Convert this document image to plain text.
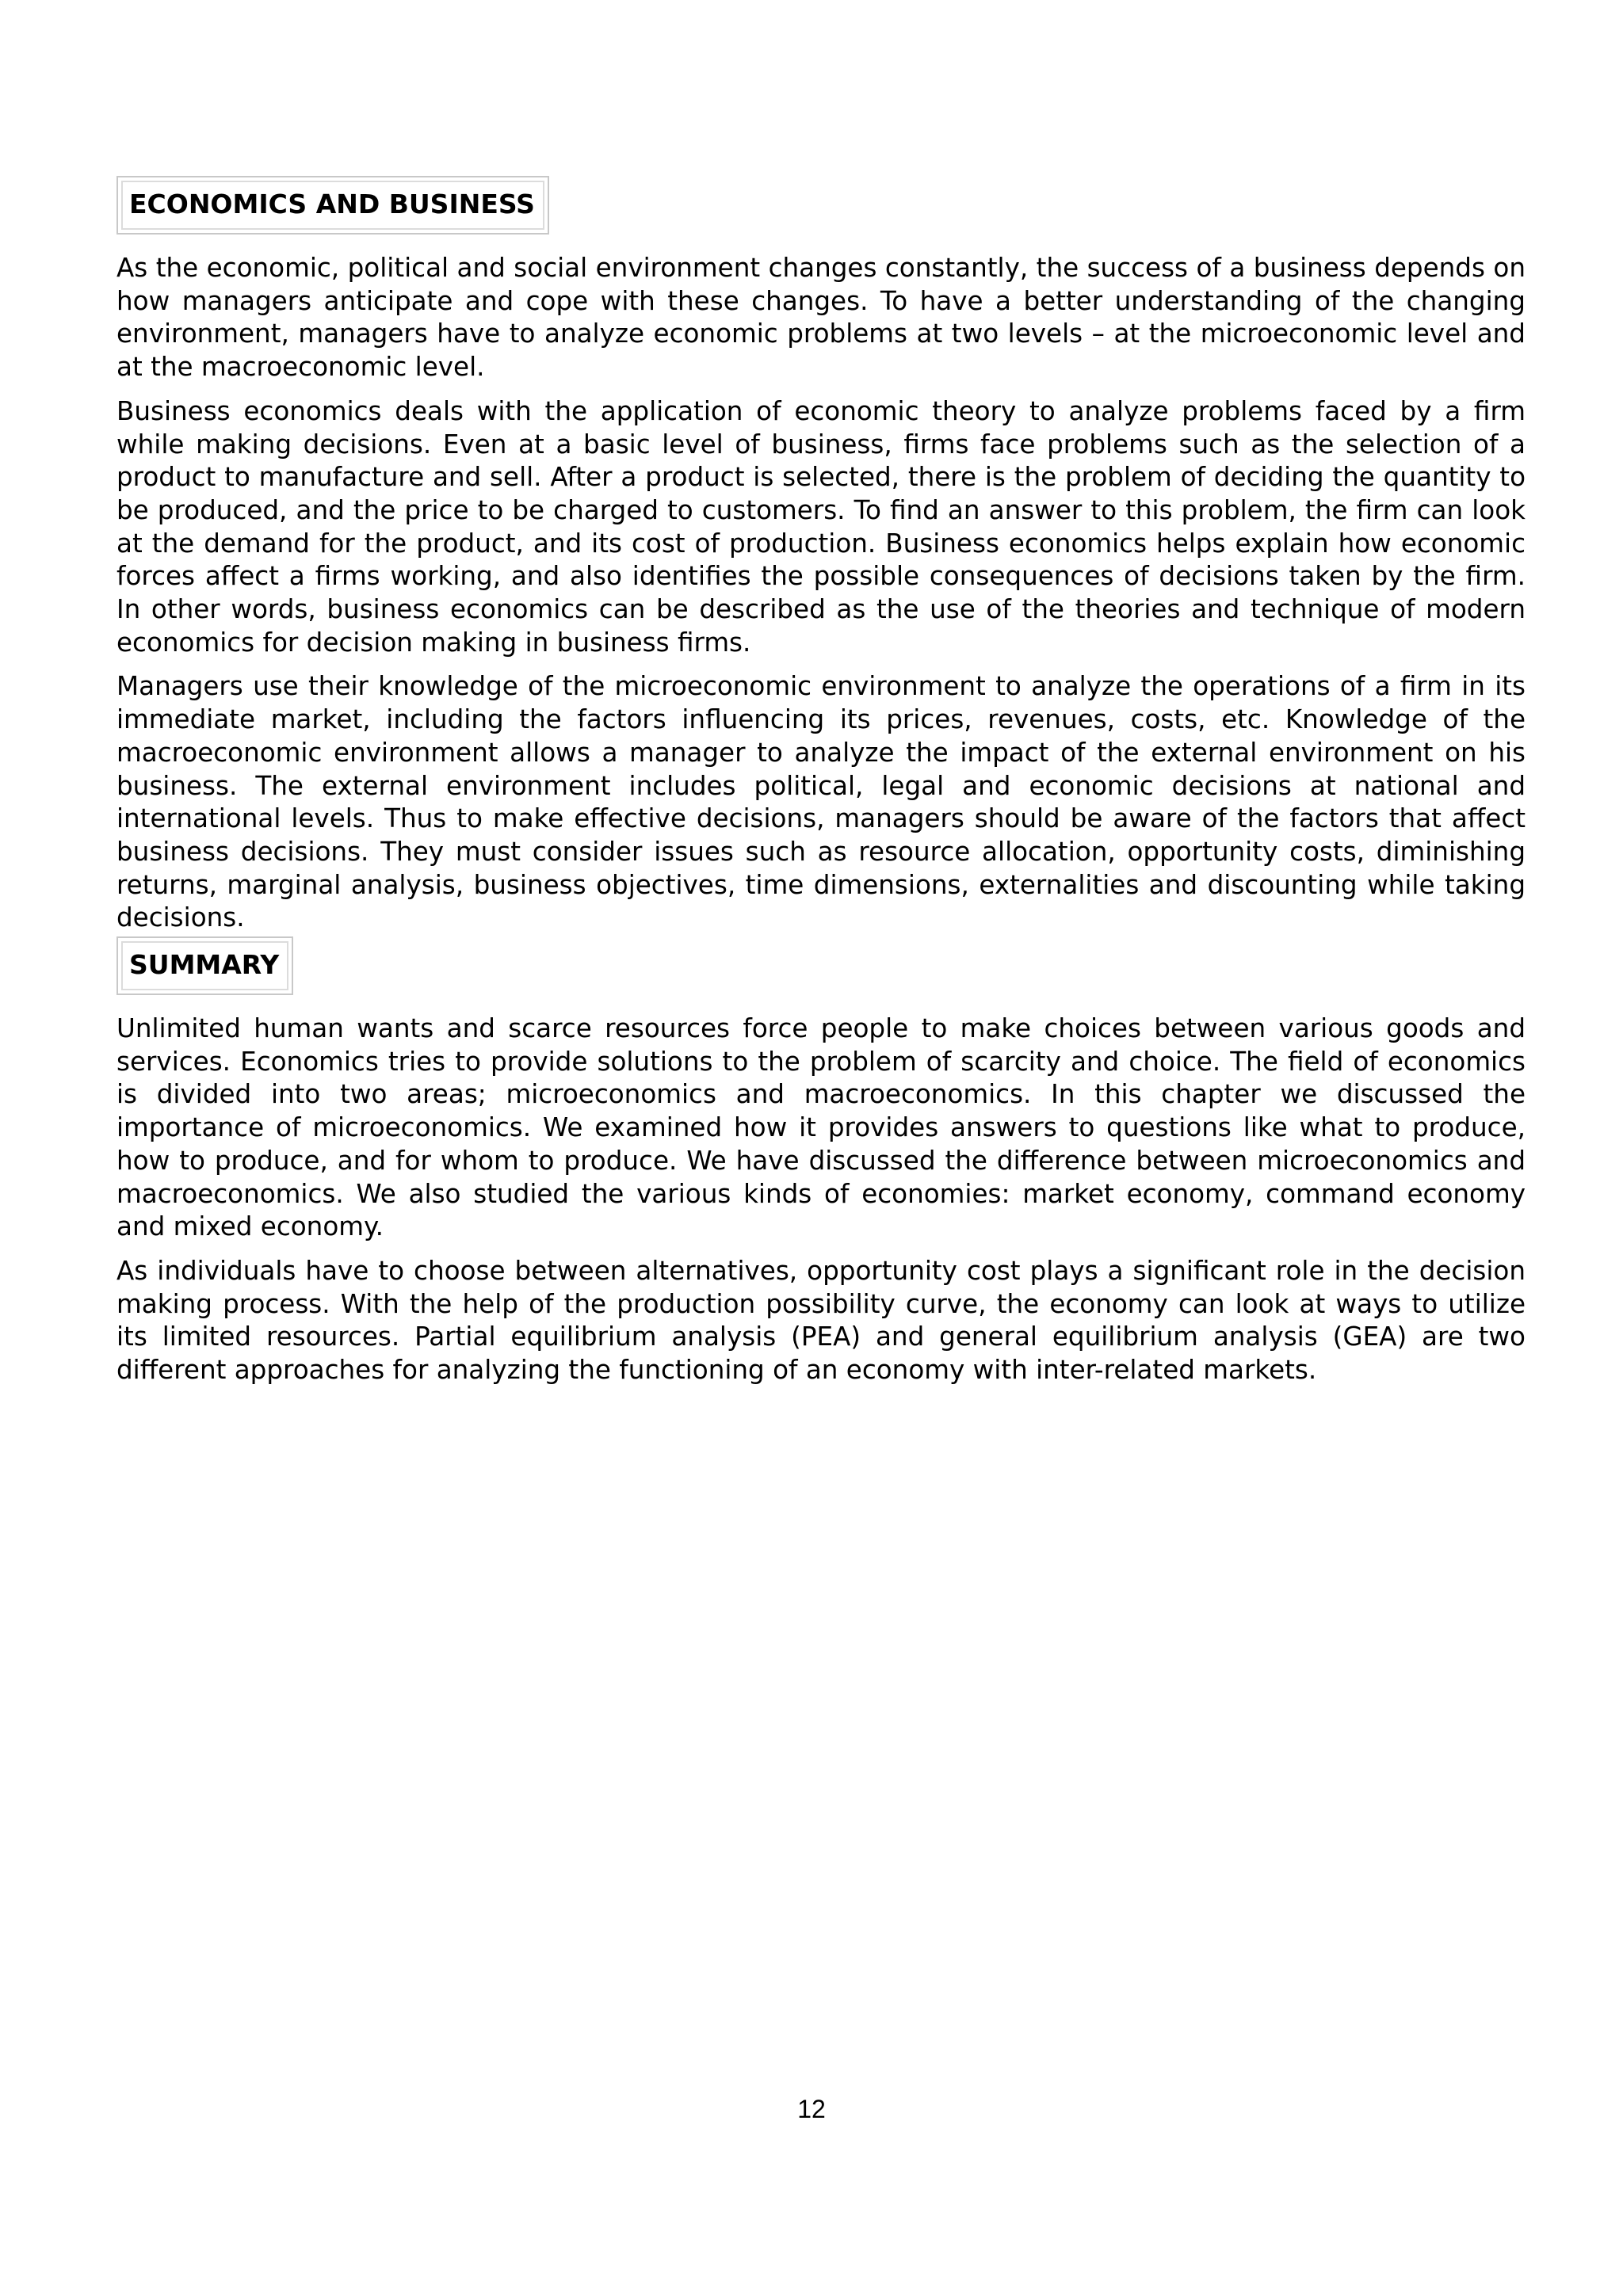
ECONOMICS AND BUSINESS

As the economic, political and social environment changes constantly, the success of a business depends on how managers anticipate and cope with these changes. To have a better understanding of the changing environment, managers have to analyze economic problems at two levels – at the microeconomic level and at the macroeconomic level.

Business economics deals with the application of economic theory to analyze problems faced by a firm while making decisions. Even at a basic level of business, firms face problems such as the selection of a product to manufacture and sell. After a product is selected, there is the problem of deciding the quantity to be produced, and the price to be charged to customers. To find an answer to this problem, the firm can look at the demand for the product, and its cost of production. Business economics helps explain how economic forces affect a firms working, and also identifies the possible consequences of decisions taken by the firm. In other words, business economics can be described as the use of the theories and technique of modern economics for decision making in business firms.

Managers use their knowledge of the microeconomic environment to analyze the operations of a firm in its immediate market, including the factors influencing its prices, revenues, costs, etc. Knowledge of the macroeconomic environment allows a manager to analyze the impact of the external environment on his business. The external environment includes political, legal and economic decisions at national and international levels. Thus to make effective decisions, managers should be aware of the factors that affect business decisions. They must consider issues such as resource allocation, opportunity costs, diminishing returns, marginal analysis, business objectives, time dimensions, externalities and discounting while taking decisions.

SUMMARY

Unlimited human wants and scarce resources force people to make choices between various goods and services. Economics tries to provide solutions to the problem of scarcity and choice. The field of economics is divided into two areas; microeconomics and macroeconomics. In this chapter we discussed the importance of microeconomics. We examined how it provides answers to questions like what to produce, how to produce, and for whom to produce. We have discussed the difference between microeconomics and macroeconomics. We also studied the various kinds of economies: market economy, command economy and mixed economy.

As individuals have to choose between alternatives, opportunity cost plays a significant role in the decision making process. With the help of the production possibility curve, the economy can look at ways to utilize its limited resources. Partial equilibrium analysis (PEA) and general equilibrium analysis (GEA) are two different approaches for analyzing the functioning of an economy with inter-related markets.

12
